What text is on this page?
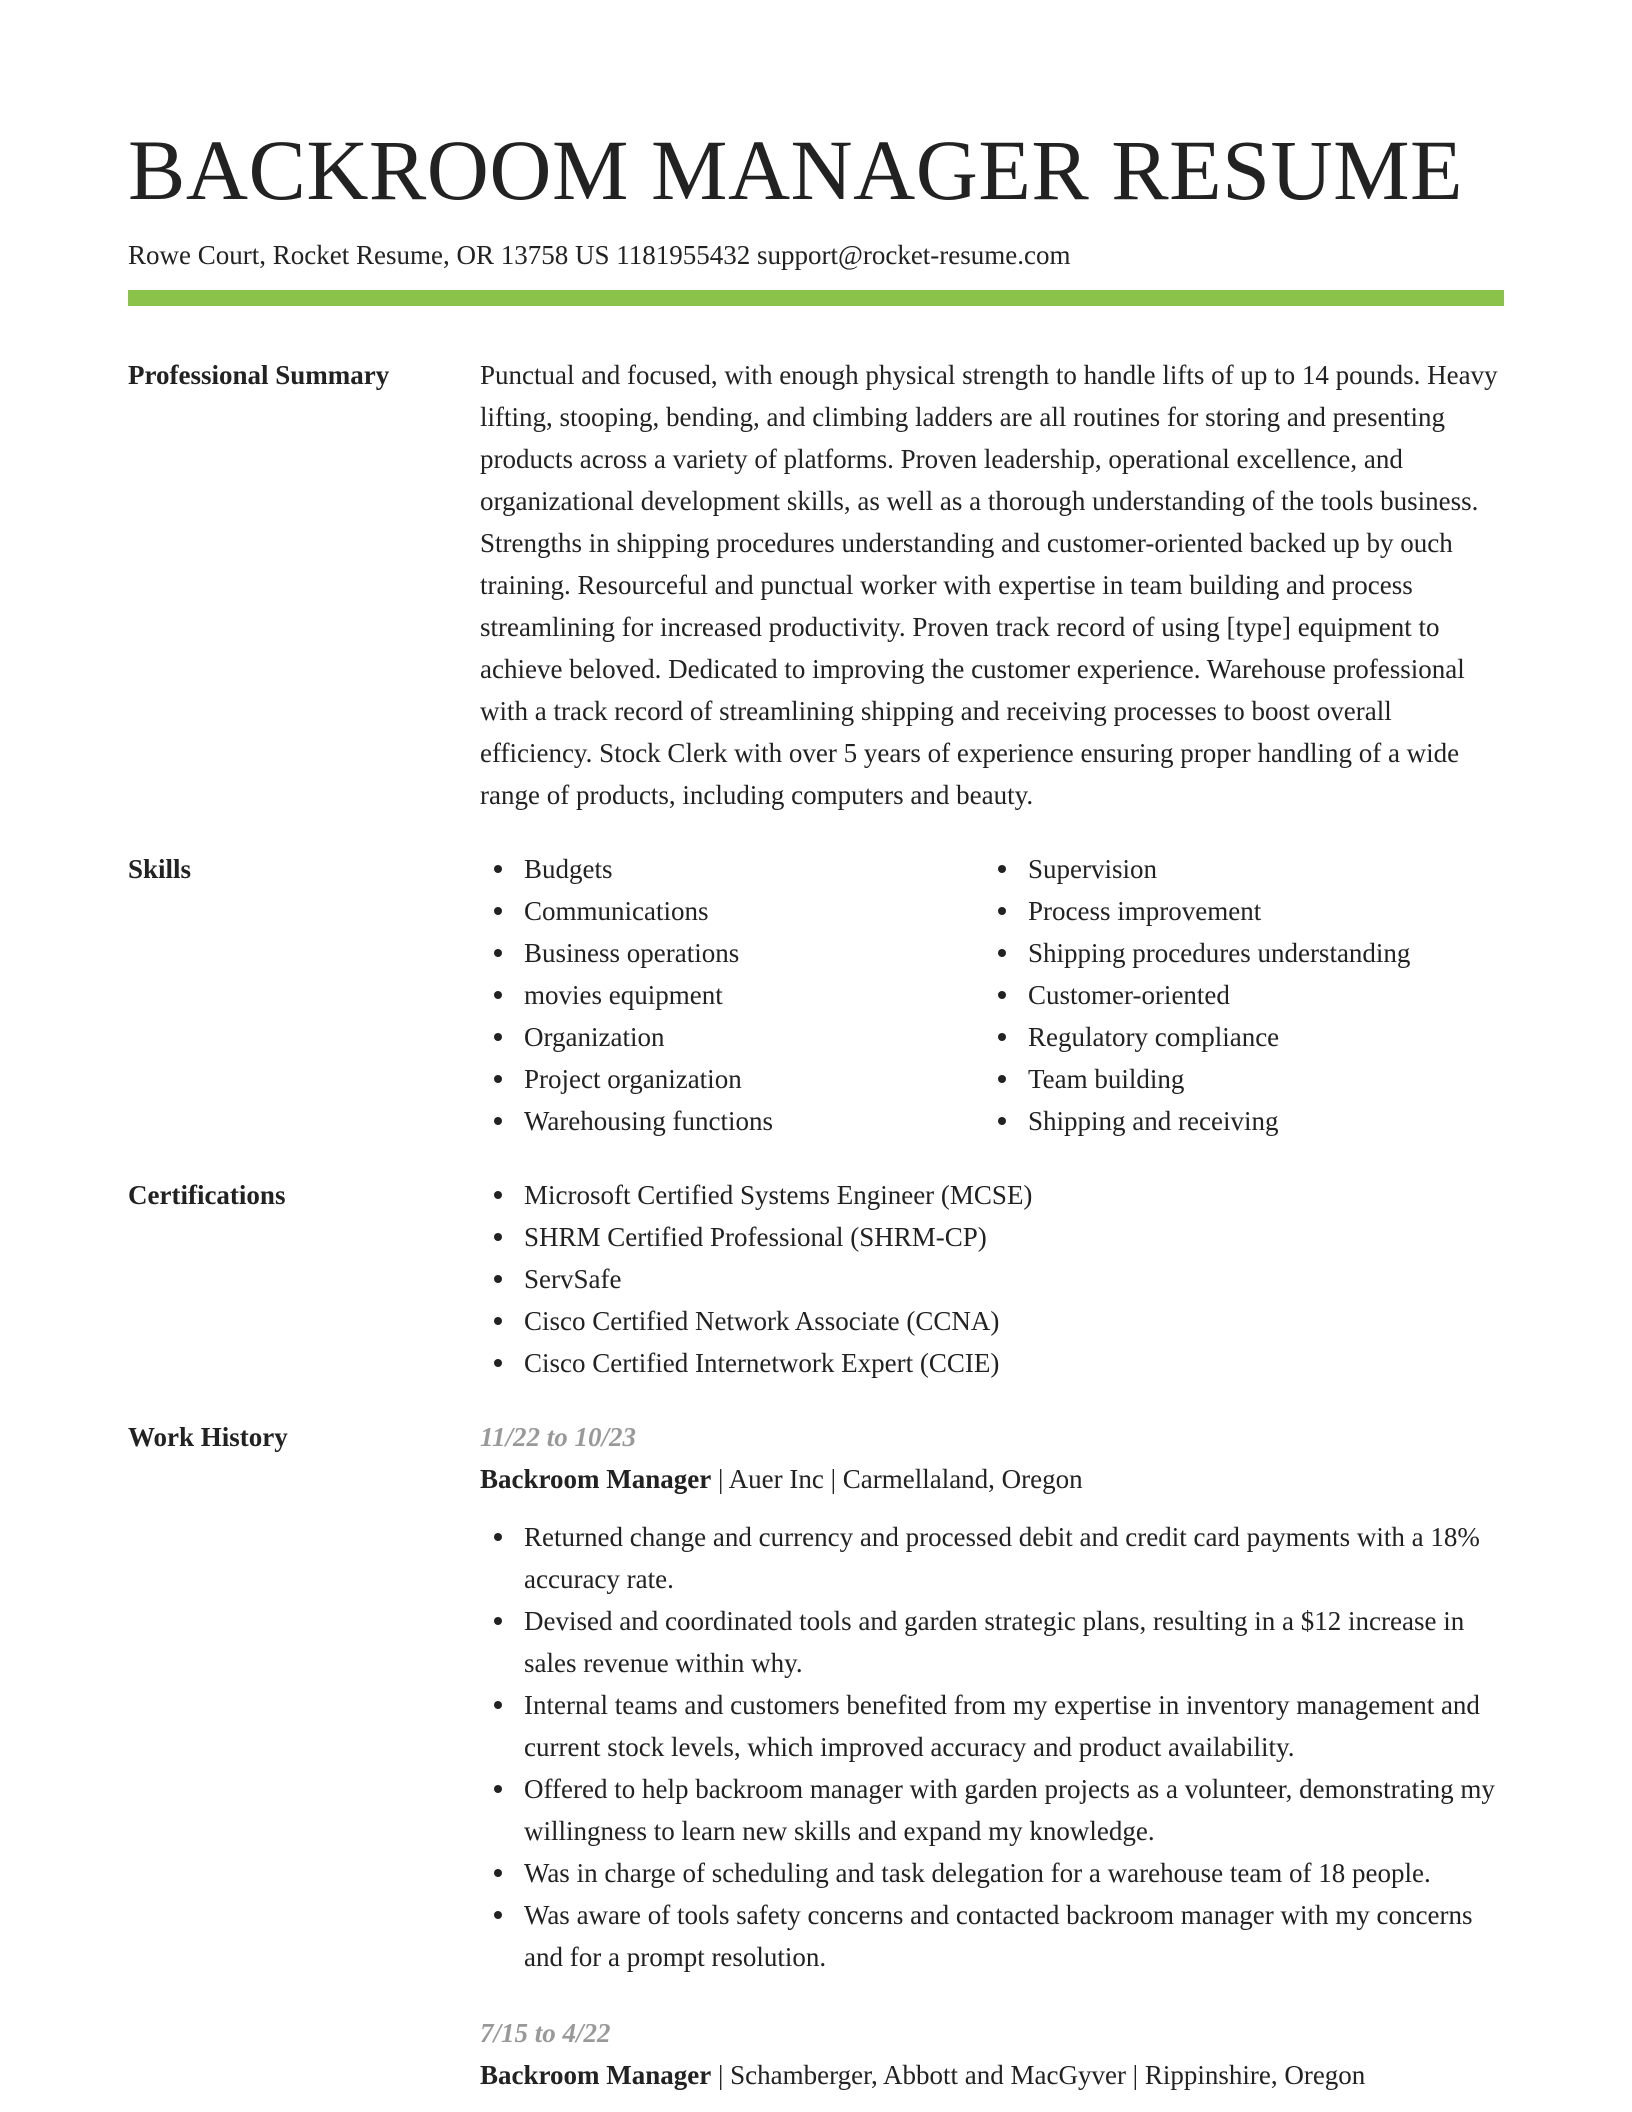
BACKROOM MANAGER RESUME
Rowe Court, Rocket Resume, OR 13758 US 1181955432 support@rocket-resume.com
Professional Summary	Punctual and focused, with enough physical strength to handle lifts of up to 14 pounds. Heavy lifting, stooping, bending, and climbing ladders are all routines for storing and presenting products across a variety of platforms. Proven leadership, operational excellence, and organizational development skills, as well as a thorough understanding of the tools business. Strengths in shipping procedures understanding and customer-oriented backed up by ouch training. Resourceful and punctual worker with expertise in team building and process streamlining for increased productivity. Proven track record of using [type] equipment to achieve beloved. Dedicated to improving the customer experience. Warehouse professional with a track record of streamlining shipping and receiving processes to boost overall efficiency. Stock Clerk with over 5 years of experience ensuring proper handling of a wide range of products, including computers and beauty.

Skills	Budgets
Communications
Business operations
movies equipment
Organization
Project organization
Warehousing functions
Supervision
Process improvement
Shipping procedures understanding
Customer-oriented
Regulatory compliance
Team building
Shipping and receiving
Certifications	Microsoft Certified Systems Engineer (MCSE)
SHRM Certified Professional (SHRM-CP)
ServSafe
Cisco Certified Network Associate (CCNA)
Cisco Certified Internetwork Expert (CCIE)
Work History	11/22 to 10/23
Backroom Manager | Auer Inc | Carmellaland, Oregon
Returned change and currency and processed debit and credit card payments with a 18% accuracy rate.
Devised and coordinated tools and garden strategic plans, resulting in a $12 increase in sales revenue within why.
Internal teams and customers benefited from my expertise in inventory management and current stock levels, which improved accuracy and product availability.
Offered to help backroom manager with garden projects as a volunteer, demonstrating my willingness to learn new skills and expand my knowledge.
Was in charge of scheduling and task delegation for a warehouse team of 18 people.
Was aware of tools safety concerns and contacted backroom manager with my concerns and for a prompt resolution.
7/15 to 4/22
Backroom Manager | Schamberger, Abbott and MacGyver | Rippinshire, Oregon
